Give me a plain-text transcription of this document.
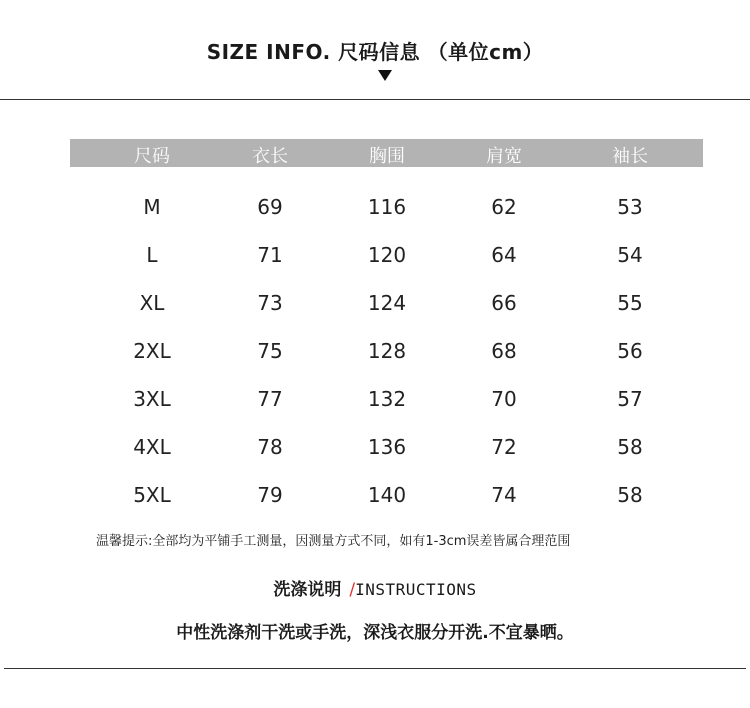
SIZE INFO. 尺码信息 （单位cm）
尺码	衣长	胸围	肩宽	袖长
M	69	116	62	53
L	71	120	64	54
XL	73	124	66	55
2XL	75	128	68	56
3XL	77	132	70	57
4XL	78	136	72	58
5XL	79	140	74	58
温馨提示:全部均为平铺手工测量，因测量方式不同，如有1-3cm误差皆属合理范围
洗涤说明 /INSTRUCTIONS
中性洗涤剂干洗或手洗，深浅衣服分开洗.不宜暴晒。
